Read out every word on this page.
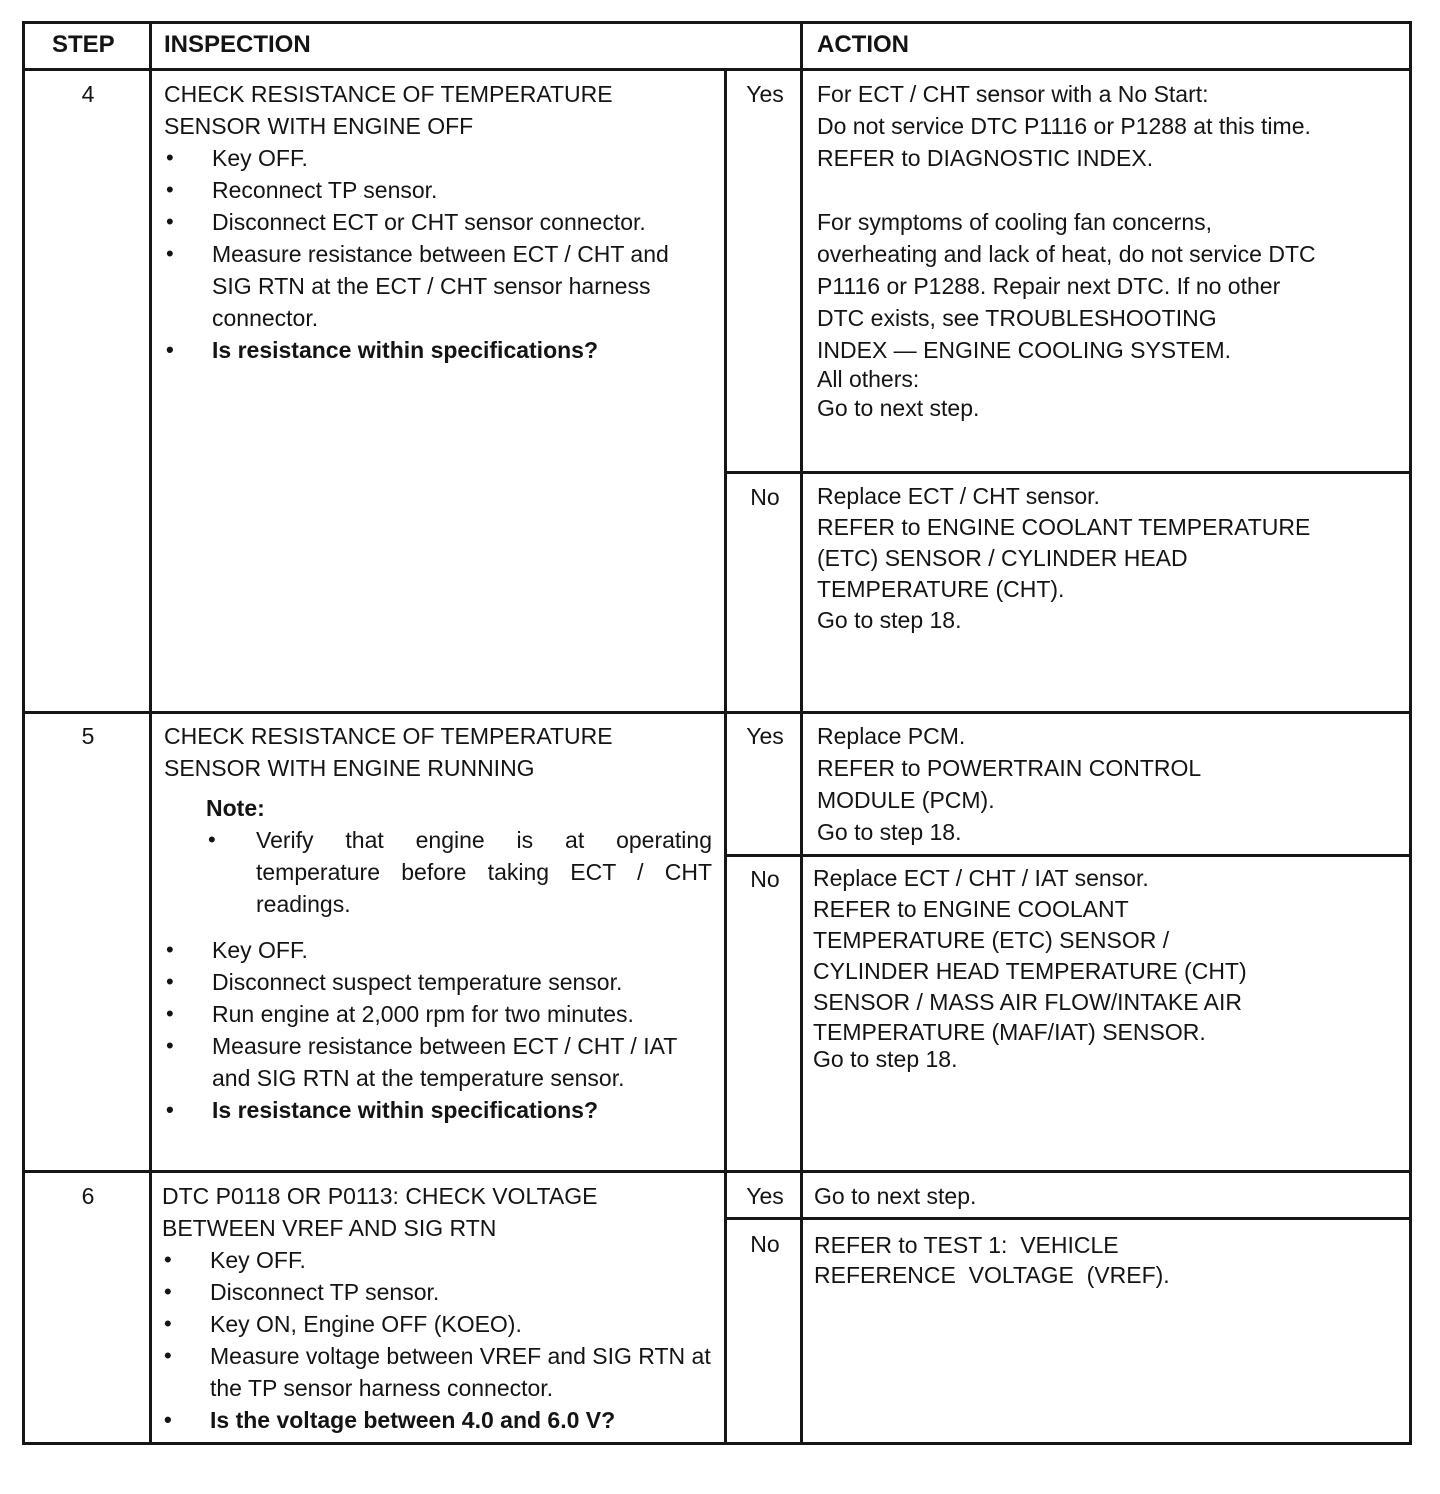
STEP INSPECTION	ACTION
4	CHECK RESISTANCE OF TEMPERATURE
SENSOR WITH ENGINE OFF
• Key OFF.
• Reconnect TP sensor.
• Disconnect ECT or CHT sensor connector.
• Measure resistance between ECT / CHT and SIG RTN at the ECT / CHT sensor harness connector.
• Is resistance within specifications?
Yes	For ECT / CHT sensor with a No Start:
Do not service DTC P1116 or P1288 at this time.
REFER to DIAGNOSTIC INDEX.
For symptoms of cooling fan concerns,
overheating and lack of heat, do not service DTC
P1116 or P1288. Repair next DTC. If no other
DTC exists, see TROUBLESHOOTING
INDEX — ENGINE COOLING SYSTEM.
All others:
Go to next step.
No	Replace ECT / CHT sensor.
REFER to ENGINE COOLANT TEMPERATURE
(ETC) SENSOR / CYLINDER HEAD
TEMPERATURE (CHT).
Go to step 18.
5	CHECK RESISTANCE OF TEMPERATURE
SENSOR WITH ENGINE RUNNING
Note:
• Verify that engine is at operating temperature before taking ECT / CHT readings.
• Key OFF.
• Disconnect suspect temperature sensor.
• Run engine at 2,000 rpm for two minutes.
• Measure resistance between ECT / CHT / IAT and SIG RTN at the temperature sensor.
• Is resistance within specifications?
Yes	Replace PCM.
REFER to POWERTRAIN CONTROL
MODULE (PCM).
Go to step 18.
No	Replace ECT / CHT / IAT sensor.
REFER to ENGINE COOLANT
TEMPERATURE (ETC) SENSOR /
CYLINDER HEAD TEMPERATURE (CHT)
SENSOR / MASS AIR FLOW/INTAKE AIR
TEMPERATURE (MAF/IAT) SENSOR.
Go to step 18.
6	DTC P0118 OR P0113: CHECK VOLTAGE
BETWEEN VREF AND SIG RTN
• Key OFF.
• Disconnect TP sensor.
• Key ON, Engine OFF (KOEO).
• Measure voltage between VREF and SIG RTN at the TP sensor harness connector.
• Is the voltage between 4.0 and 6.0 V?
Yes	Go to next step.
No	REFER to TEST 1:  VEHICLE
REFERENCE  VOLTAGE  (VREF).
